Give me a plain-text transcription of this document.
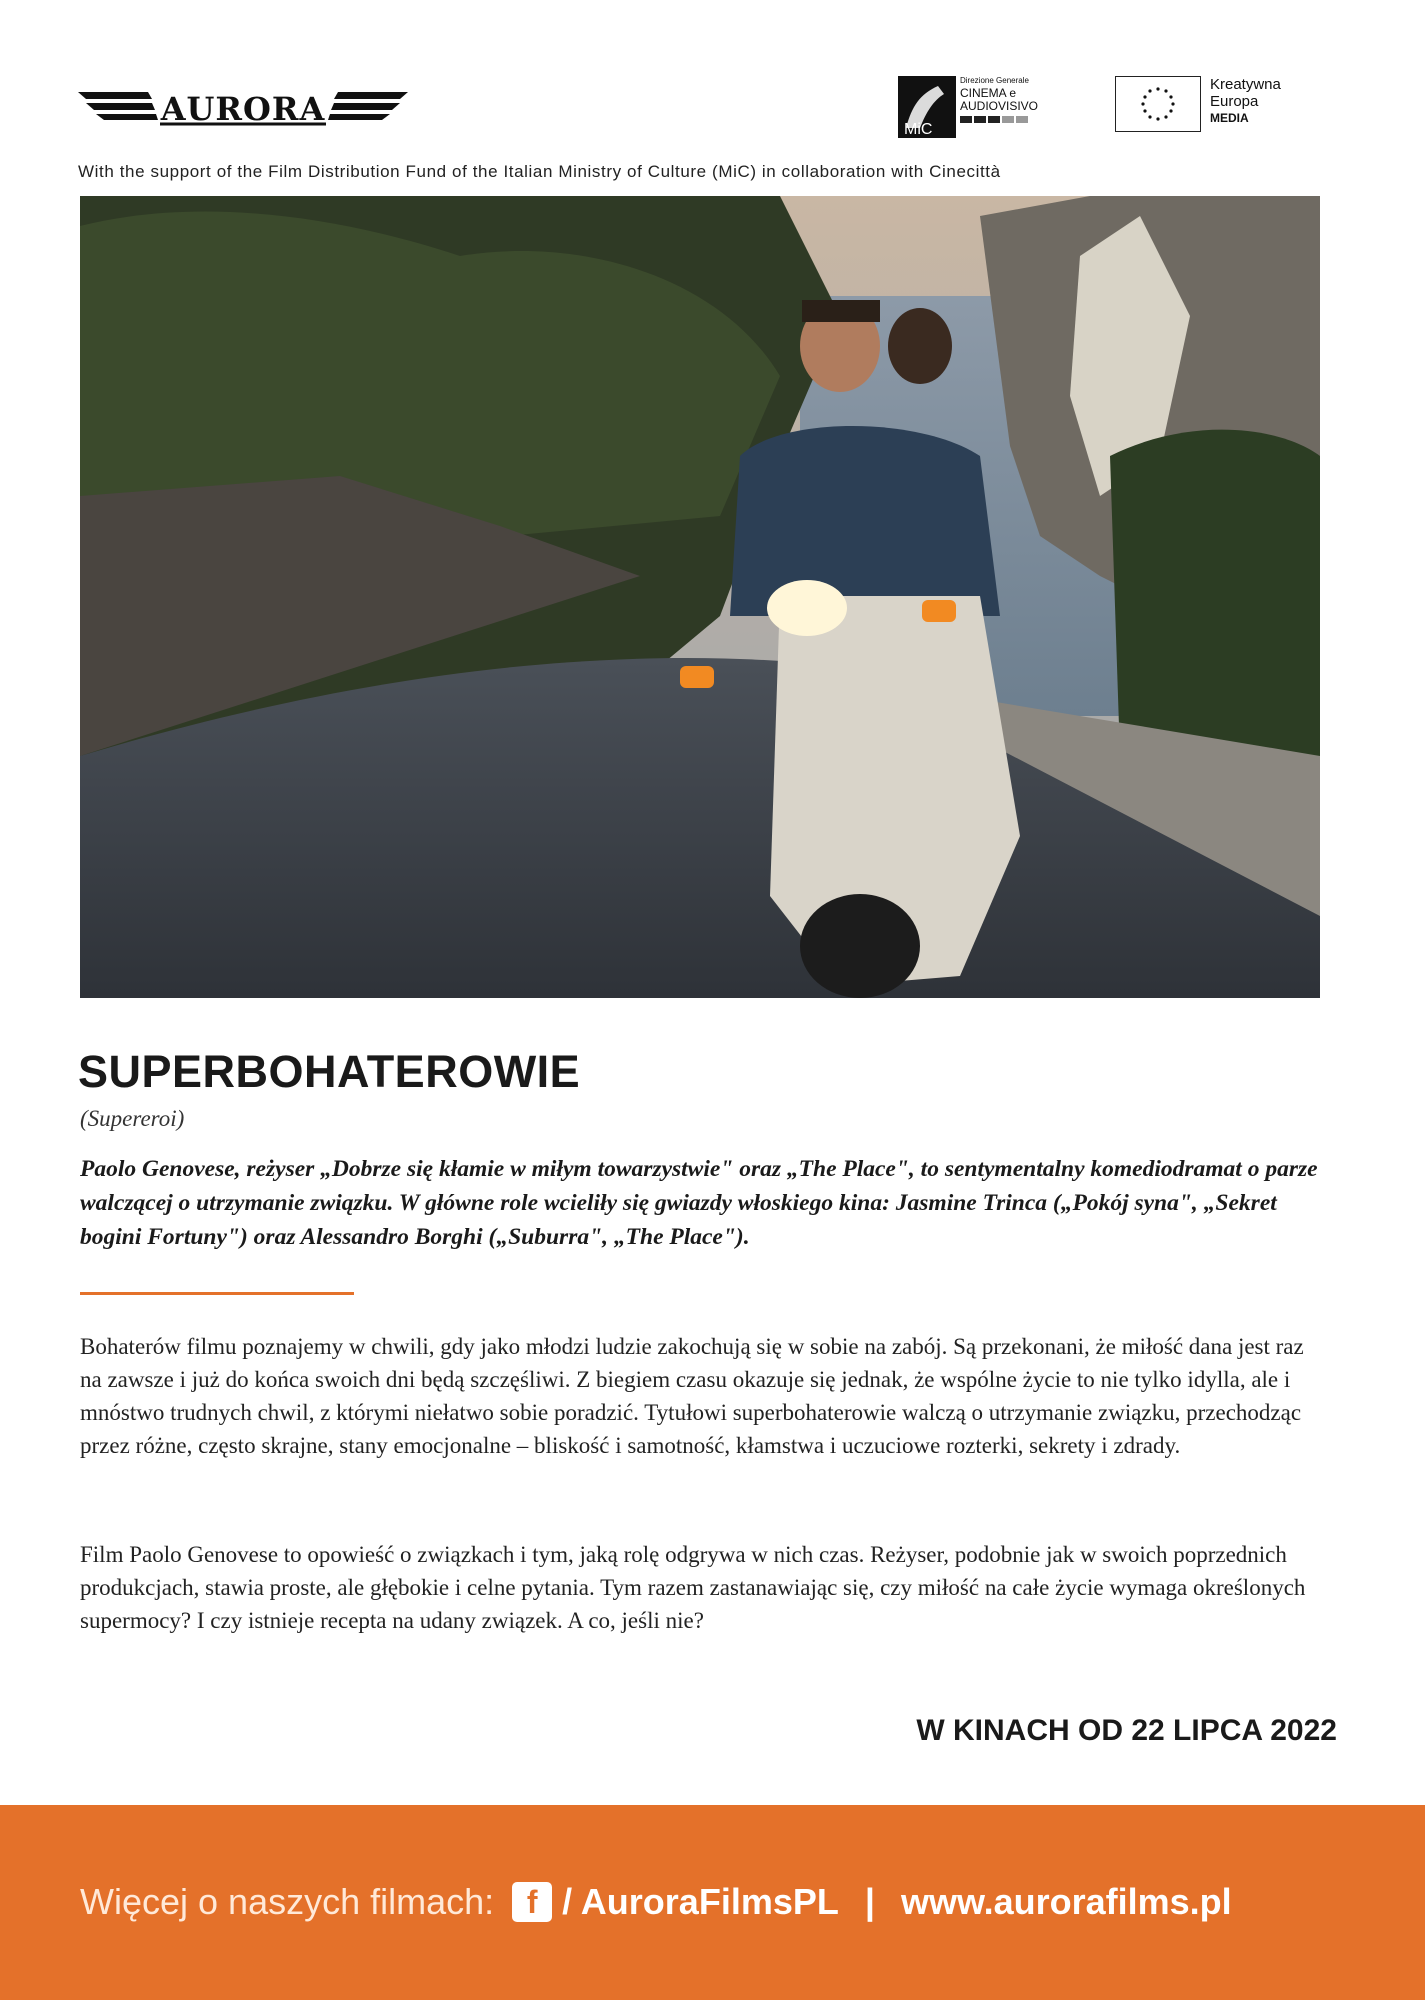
AURORA
MiC
Direzione Generale
CINEMA e
AUDIOVISIVO
Kreatywna
Europa
MEDIA
With the support of the Film Distribution Fund of the Italian Ministry of Culture (MiC) in collaboration with Cinecittà
SUPERBOHATEROWIE
(Supereroi)

Paolo Genovese, reżyser „Dobrze się kłamie w miłym towarzystwie" oraz „The Place", to sentymentalny komediodramat o parze walczącej o utrzymanie związku. W główne role wcieliły się gwiazdy włoskiego kina: Jasmine Trinca („Pokój syna", „Sekret bogini Fortuny") oraz Alessandro Borghi („Suburra", „The Place").

Bohaterów filmu poznajemy w chwili, gdy jako młodzi ludzie zakochują się w sobie na zabój. Są przekonani, że miłość dana jest raz na zawsze i już do końca swoich dni będą szczęśliwi. Z biegiem czasu okazuje się jednak, że wspólne życie to nie tylko idylla, ale i mnóstwo trudnych chwil, z którymi niełatwo sobie poradzić. Tytułowi superbohaterowie walczą o utrzymanie związku, przechodząc przez różne, często skrajne, stany emocjonalne – bliskość i samotność, kłamstwa i uczuciowe rozterki, sekrety i zdrady.

Film Paolo Genovese to opowieść o związkach i tym, jaką rolę odgrywa w nich czas. Reżyser, podobnie jak w swoich poprzednich produkcjach, stawia proste, ale głębokie i celne pytania. Tym razem zastanawiając się, czy miłość na całe życie wymaga określonych supermocy? I czy istnieje recepta na udany związek. A co, jeśli nie?

W KINACH OD 22 LIPCA 2022
Więcej o naszych filmach:	f / AuroraFilmsPL | www.aurorafilms.pl
